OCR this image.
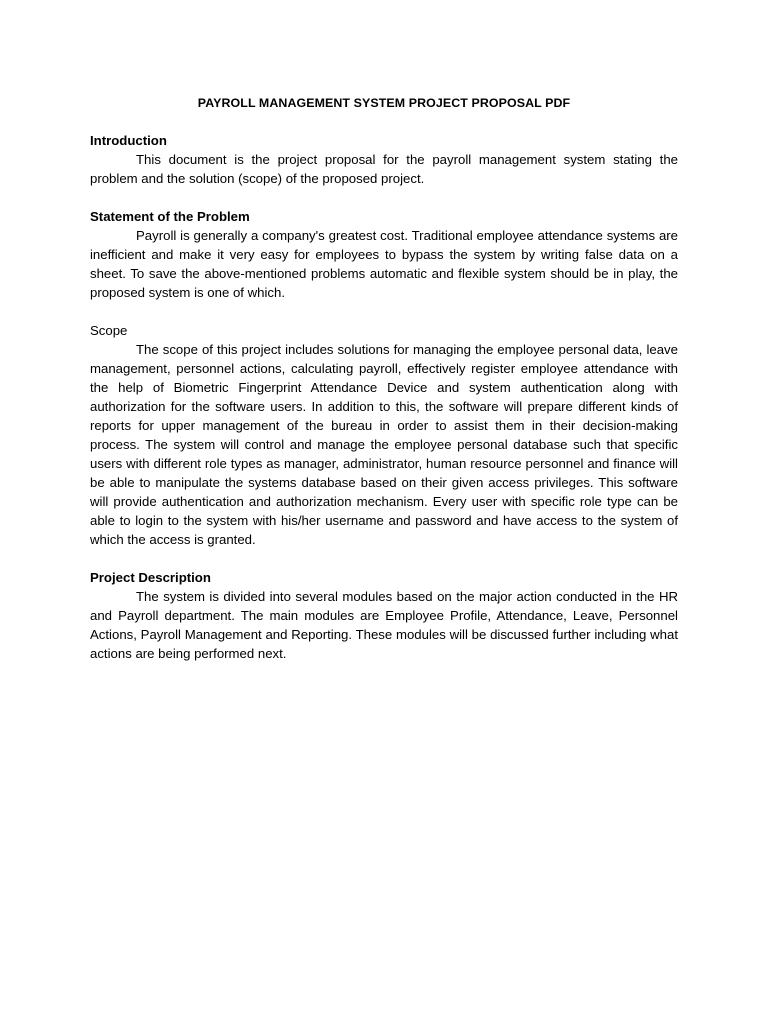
PAYROLL MANAGEMENT SYSTEM PROJECT PROPOSAL PDF
Introduction
This document is the project proposal for the payroll management system stating the problem and the solution (scope) of the proposed project.
Statement of the Problem
Payroll is generally a company's greatest cost. Traditional employee attendance systems are inefficient and make it very easy for employees to bypass the system by writing false data on a sheet. To save the above-mentioned problems automatic and flexible system should be in play, the proposed system is one of which.
Scope
The scope of this project includes solutions for managing the employee personal data, leave management, personnel actions, calculating payroll, effectively register employee attendance with the help of Biometric Fingerprint Attendance Device and system authentication along with authorization for the software users. In addition to this, the software will prepare different kinds of reports for upper management of the bureau in order to assist them in their decision-making process. The system will control and manage the employee personal database such that specific users with different role types as manager, administrator, human resource personnel and finance will be able to manipulate the systems database based on their given access privileges. This software will provide authentication and authorization mechanism. Every user with specific role type can be able to login to the system with his/her username and password and have access to the system of which the access is granted.
Project Description
The system is divided into several modules based on the major action conducted in the HR and Payroll department. The main modules are Employee Profile, Attendance, Leave, Personnel Actions, Payroll Management and Reporting. These modules will be discussed further including what actions are being performed next.
